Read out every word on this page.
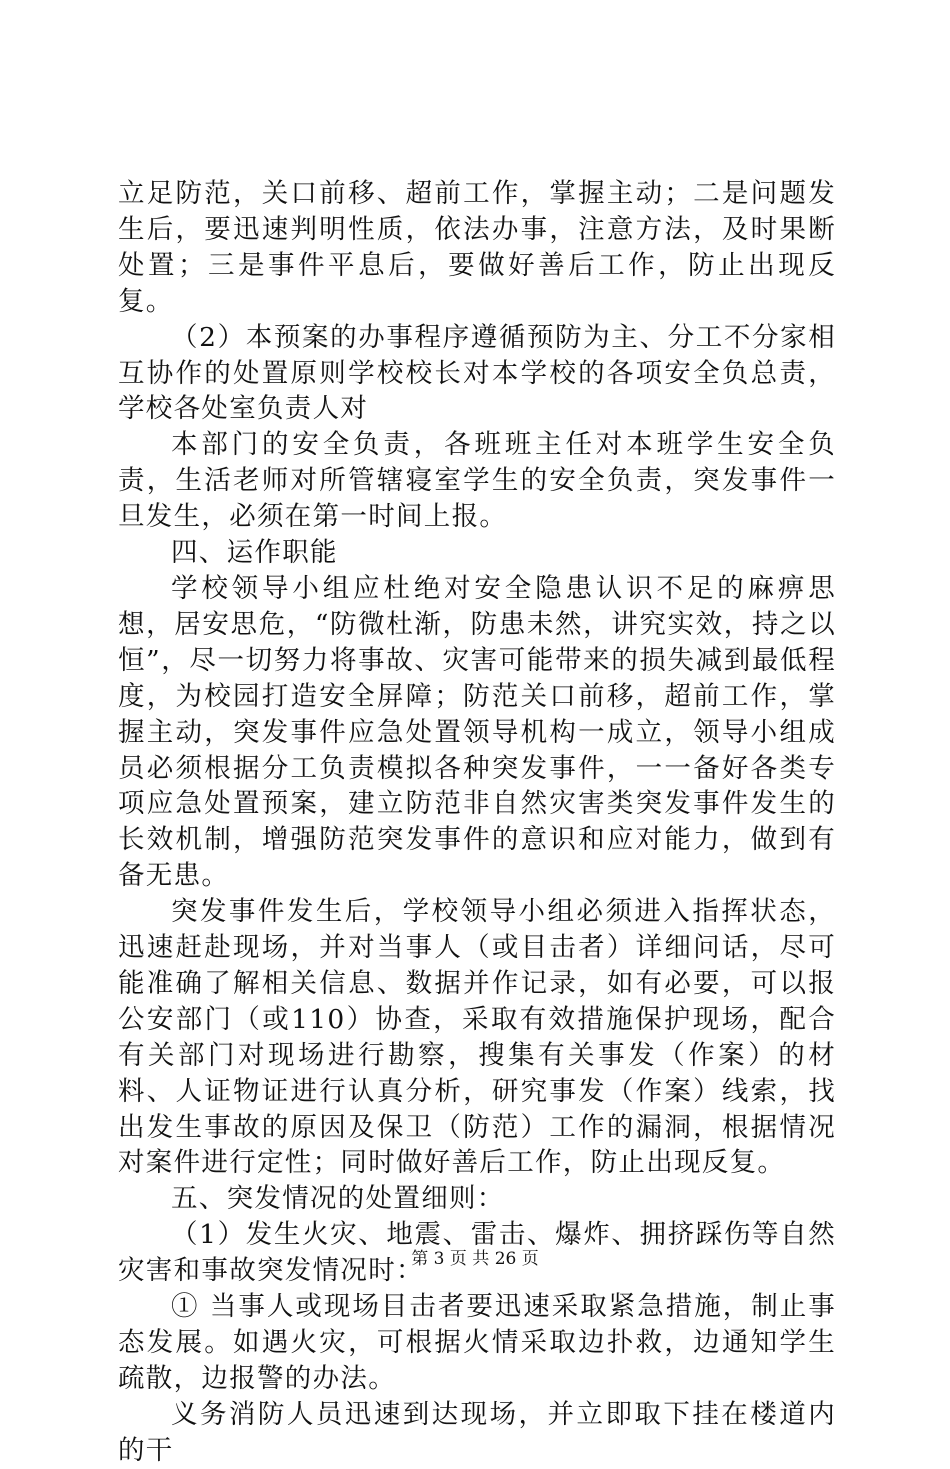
立足防范，关口前移、超前工作，掌握主动；二是问题发生后，要迅速判明性质，依法办事，注意方法，及时果断处置；三是事件平息后，要做好善后工作，防止出现反复。

（2）本预案的办事程序遵循预防为主、分工不分家相互协作的处置原则学校校长对本学校的各项安全负总责，学校各处室负责人对

本部门的安全负责，各班班主任对本班学生安全负责，生活老师对所管辖寝室学生的安全负责，突发事件一旦发生，必须在第一时间上报。

四、运作职能

学校领导小组应杜绝对安全隐患认识不足的麻痹思想，居安思危，“防微杜渐，防患未然，讲究实效，持之以恒”，尽一切努力将事故、灾害可能带来的损失减到最低程度，为校园打造安全屏障；防范关口前移，超前工作，掌握主动，突发事件应急处置领导机构一成立，领导小组成员必须根据分工负责模拟各种突发事件，一一备好各类专项应急处置预案，建立防范非自然灾害类突发事件发生的长效机制，增强防范突发事件的意识和应对能力，做到有备无患。

突发事件发生后，学校领导小组必须进入指挥状态，迅速赶赴现场，并对当事人（或目击者）详细问话，尽可能准确了解相关信息、数据并作记录，如有必要，可以报公安部门（或110）协查，采取有效措施保护现场，配合有关部门对现场进行勘察，搜集有关事发（作案）的材料、人证物证进行认真分析，研究事发（作案）线索，找出发生事故的原因及保卫（防范）工作的漏洞，根据情况对案件进行定性；同时做好善后工作，防止出现反复。

五、突发情况的处置细则：

（1）发生火灾、地震、雷击、爆炸、拥挤踩伤等自然灾害和事故突发情况时：

① 当事人或现场目击者要迅速采取紧急措施，制止事态发展。如遇火灾，可根据火情采取边扑救，边通知学生疏散，边报警的办法。

义务消防人员迅速到达现场，并立即取下挂在楼道内的干

第 3 页 共 26 页
